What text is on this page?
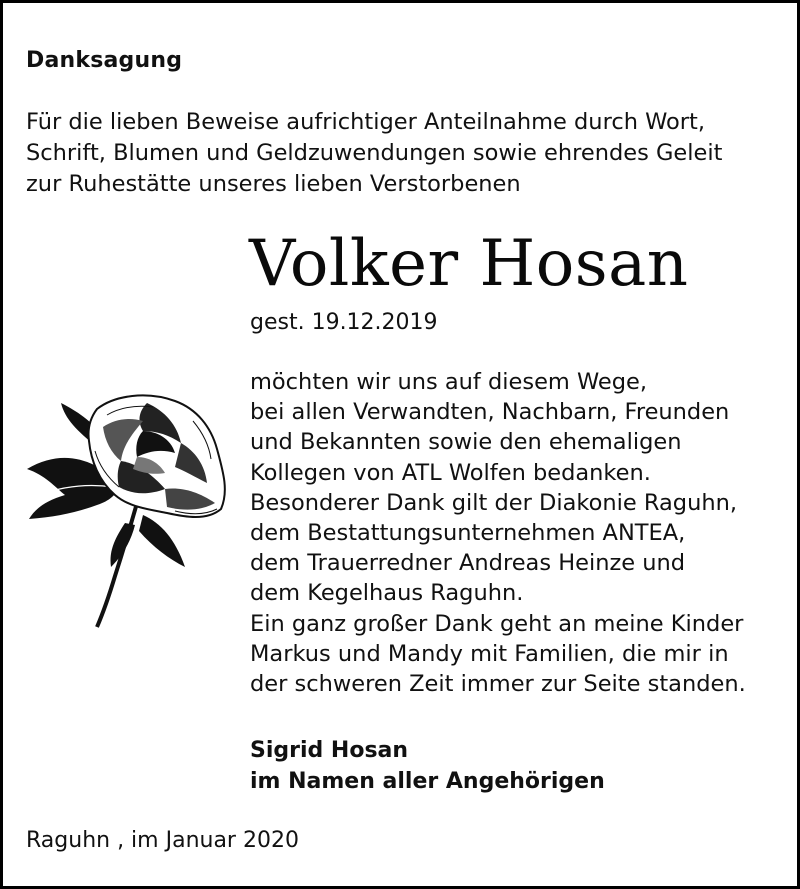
Danksagung
Für die lieben Beweise aufrichtiger Anteilnahme durch Wort,
Schrift, Blumen und Geldzuwendungen sowie ehrendes Geleit
zur Ruhestätte unseres lieben Verstorbenen
Volker Hosan
gest. 19.12.2019
möchten wir uns auf diesem Wege,
bei allen Verwandten, Nachbarn, Freunden
und Bekannten sowie den ehemaligen
Kollegen von ATL Wolfen bedanken.
Besonderer Dank gilt der Diakonie Raguhn,
dem Bestattungsunternehmen ANTEA,
dem Trauerredner Andreas Heinze und
dem Kegelhaus Raguhn.
Ein ganz großer Dank geht an meine Kinder
Markus und Mandy mit Familien, die mir in
der schweren Zeit immer zur Seite standen.
Sigrid Hosan
im Namen aller Angehörigen
Raguhn , im Januar 2020
